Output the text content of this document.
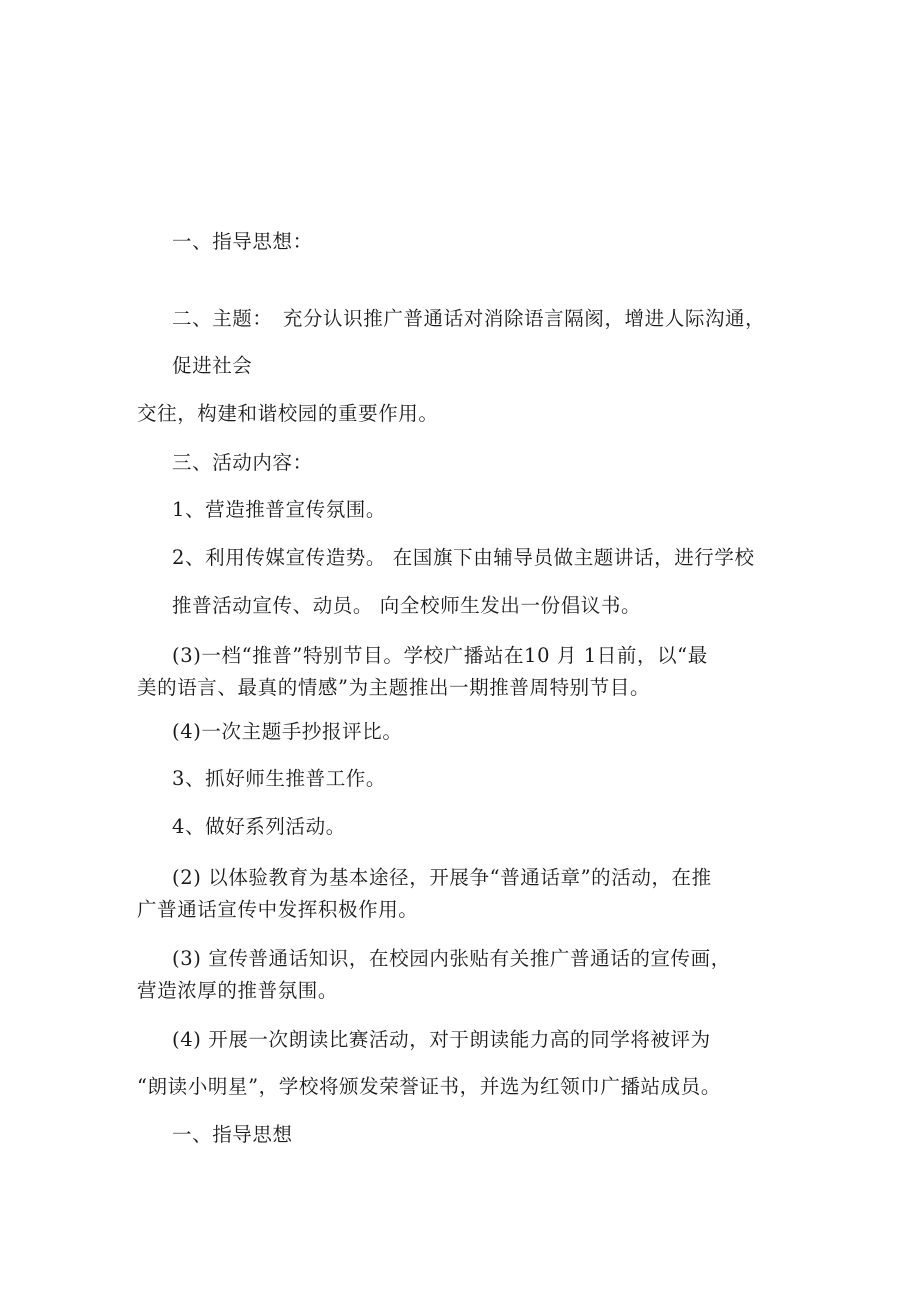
一、指导思想：
二、主题：　充分认识推广普通话对消除语言隔阂，增进人际沟通，
促进社会
交往，构建和谐校园的重要作用。
三、活动内容：
1、营造推普宣传氛围。
2、利用传媒宣传造势。 在国旗下由辅导员做主题讲话，进行学校
推普活动宣传、动员。 向全校师生发出一份倡议书。
(3)一档“推普”特别节目。学校广播站在10 月 1日前，以“最
美的语言、最真的情感”为主题推出一期推普周特别节目。
(4)一次主题手抄报评比。
3、抓好师生推普工作。
4、做好系列活动。
(2) 以体验教育为基本途径，开展争“普通话章”的活动，在推
广普通话宣传中发挥积极作用。
(3) 宣传普通话知识，在校园内张贴有关推广普通话的宣传画，
营造浓厚的推普氛围。
(4) 开展一次朗读比赛活动，对于朗读能力高的同学将被评为
“朗读小明星”，学校将颁发荣誉证书，并选为红领巾广播站成员。
一、指导思想
